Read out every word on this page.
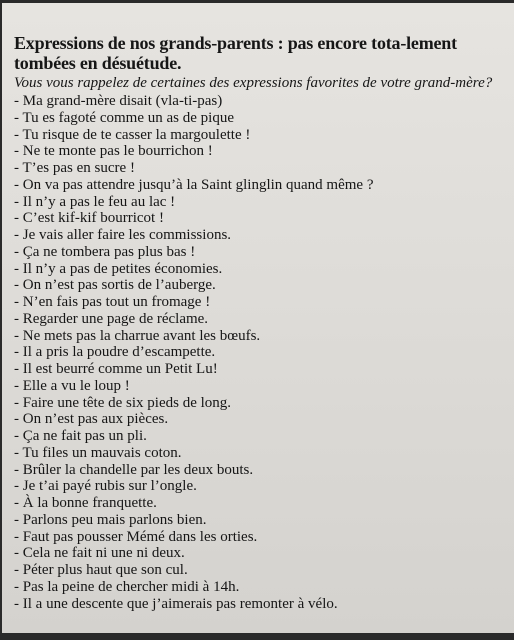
Expressions de nos grands-parents : pas encore tota-lement tombées en désuétude.
Vous vous rappelez de certaines des expressions favorites de votre grand-mère?
- Ma grand-mère disait (vla-ti-pas)
- Tu es fagoté comme un as de pique
- Tu risque de te casser la margoulette !
- Ne te monte pas le bourrichon !
- T’es pas en sucre !
- On va pas attendre jusqu’à la Saint glinglin quand même ?
- Il n’y a pas le feu au lac !
- C’est kif-kif bourricot !
- Je vais aller faire les commissions.
- Ça ne tombera pas plus bas !
- Il n’y a pas de petites économies.
- On n’est pas sortis de l’auberge.
- N’en fais pas tout un fromage !
- Regarder une page de réclame.
- Ne mets pas la charrue avant les bœufs.
- Il a pris la poudre d’escampette.
- Il est beurré comme un Petit Lu!
- Elle a vu le loup !
- Faire une tête de six pieds de long.
- On n’est pas aux pièces.
- Ça ne fait pas un pli.
- Tu files un mauvais coton.
- Brûler la chandelle par les deux bouts.
- Je t’ai payé rubis sur l’ongle.
- À la bonne franquette.
- Parlons peu mais parlons bien.
- Faut pas pousser Mémé dans les orties.
- Cela ne fait ni une ni deux.
- Péter plus haut que son cul.
- Pas la peine de chercher midi à 14h.
- Il a une descente que j’aimerais pas remonter à vélo.
